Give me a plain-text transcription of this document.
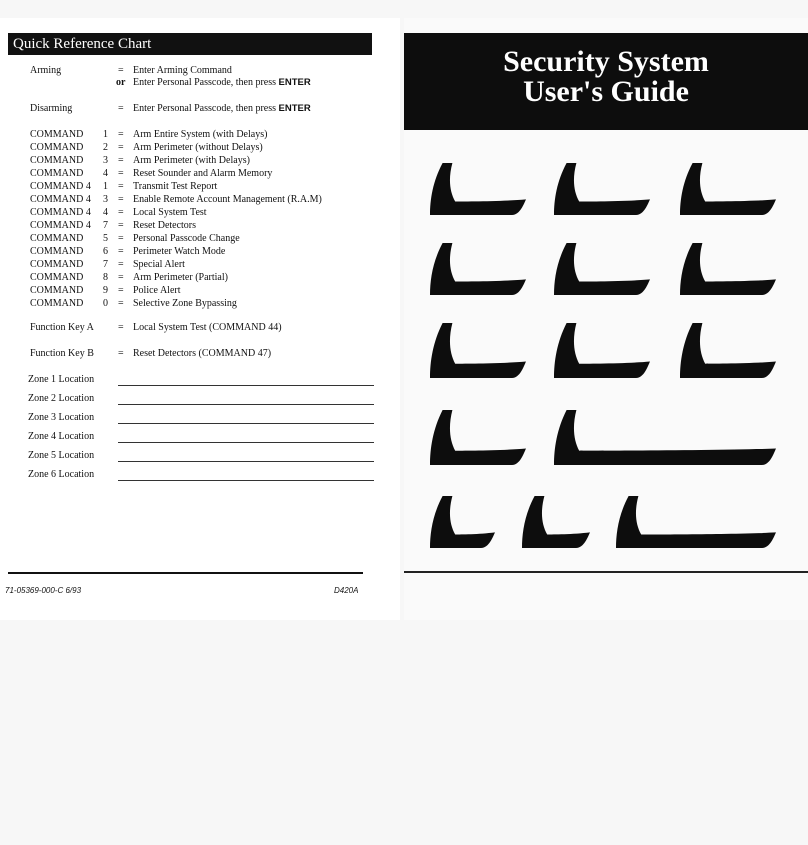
Quick Reference Chart
Arming	= Enter Arming Command
or Enter Personal Passcode, then press ENTER
Disarming	= Enter Personal Passcode, then press ENTER
COMMAND	1 = Arm Entire System (with Delays)
COMMAND	2 = Arm Perimeter (without Delays)
COMMAND	3 = Arm Perimeter (with Delays)
COMMAND	4 = Reset Sounder and Alarm Memory
COMMAND 4	1 = Transmit Test Report
COMMAND 4	3 = Enable Remote Account Management (R.A.M)
COMMAND 4	4 = Local System Test
COMMAND 4	7 = Reset Detectors
COMMAND	5 = Personal Passcode Change
COMMAND	6 = Perimeter Watch Mode
COMMAND	7 = Special Alert
COMMAND	8 = Arm Perimeter (Partial)
COMMAND	9 = Police Alert
COMMAND	0 = Selective Zone Bypassing
Function Key A	= Local System Test (COMMAND 44)
Function Key B	= Reset Detectors (COMMAND 47)
Zone 1 Location
Zone 2 Location
Zone 3 Location
Zone 4 Location
Zone 5 Location
Zone 6 Location
71-05369-000-C 6/93	D420A
Security System
User's Guide
